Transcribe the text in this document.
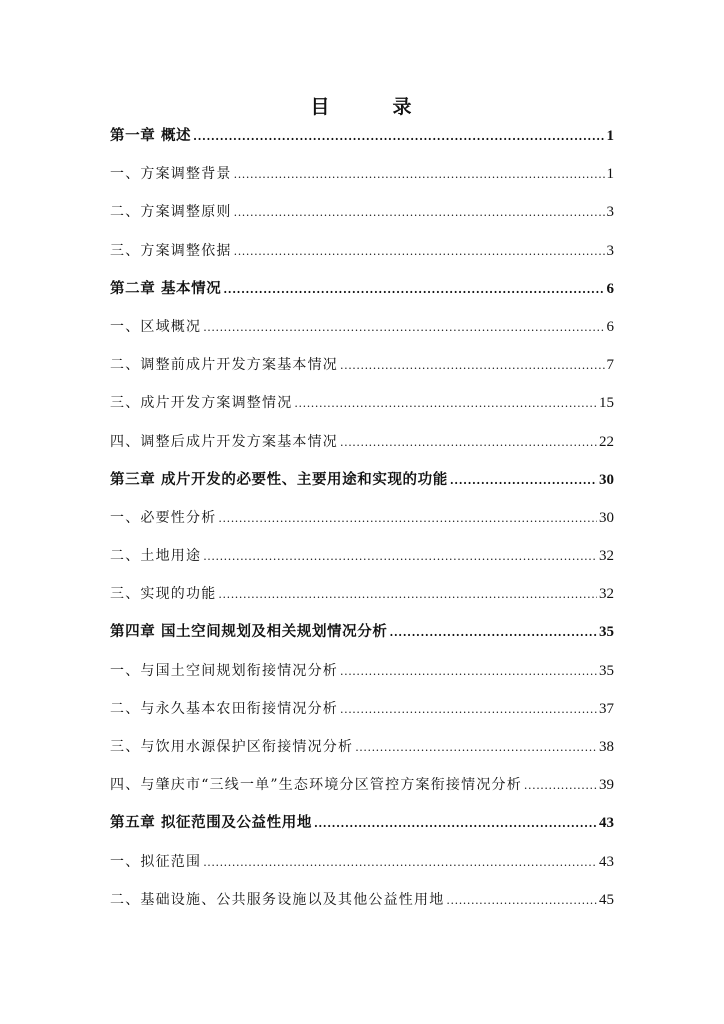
目　录
第一章 概述 .....	1
一、方案调整背景 .....	1
二、方案调整原则 .....	3
三、方案调整依据 .....	3
第二章 基本情况 .....	6
一、区域概况 .....	6
二、调整前成片开发方案基本情况 .....	7
三、成片开发方案调整情况 .....	15
四、调整后成片开发方案基本情况 .....	22
第三章 成片开发的必要性、主要用途和实现的功能 .....	30
一、必要性分析 .....	30
二、土地用途 .....	32
三、实现的功能 .....	32
第四章 国土空间规划及相关规划情况分析 .....	35
一、与国土空间规划衔接情况分析 .....	35
二、与永久基本农田衔接情况分析 .....	37
三、与饮用水源保护区衔接情况分析 .....	38
四、与肇庆市“三线一单”生态环境分区管控方案衔接情况分析 .....	39
第五章 拟征范围及公益性用地 .....	43
一、拟征范围 .....	43
二、基础设施、公共服务设施以及其他公益性用地 .....	45
